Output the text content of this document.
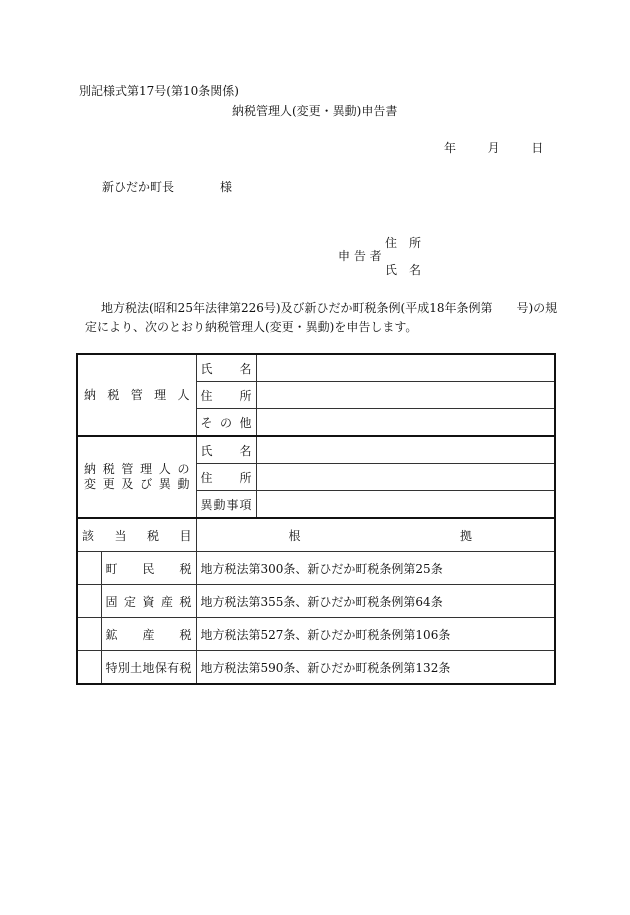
別記様式第17号(第10条関係)
納税管理人(変更・異動)申告書
年	月	日
新ひだか町長	様
住　所
申 告 者
氏　名
地方税法(昭和25年法律第226号)及び新ひだか町税条例(平成18年条例第　　号)の規
定により、次のとおり納税管理人(変更・異動)を申告します。
納税管理人		氏名	
		住所	
		その他	

納税管理人の
変更及び異動		氏名	
		住所	
		異動事項	
該当税目		根 拠	

	町民税	地方税法第300条、新ひだか町税条例第25条	
	固定資産税	地方税法第355条、新ひだか町税条例第64条	
	鉱産税	地方税法第527条、新ひだか町税条例第106条	
	特別土地保有税	地方税法第590条、新ひだか町税条例第132条	
